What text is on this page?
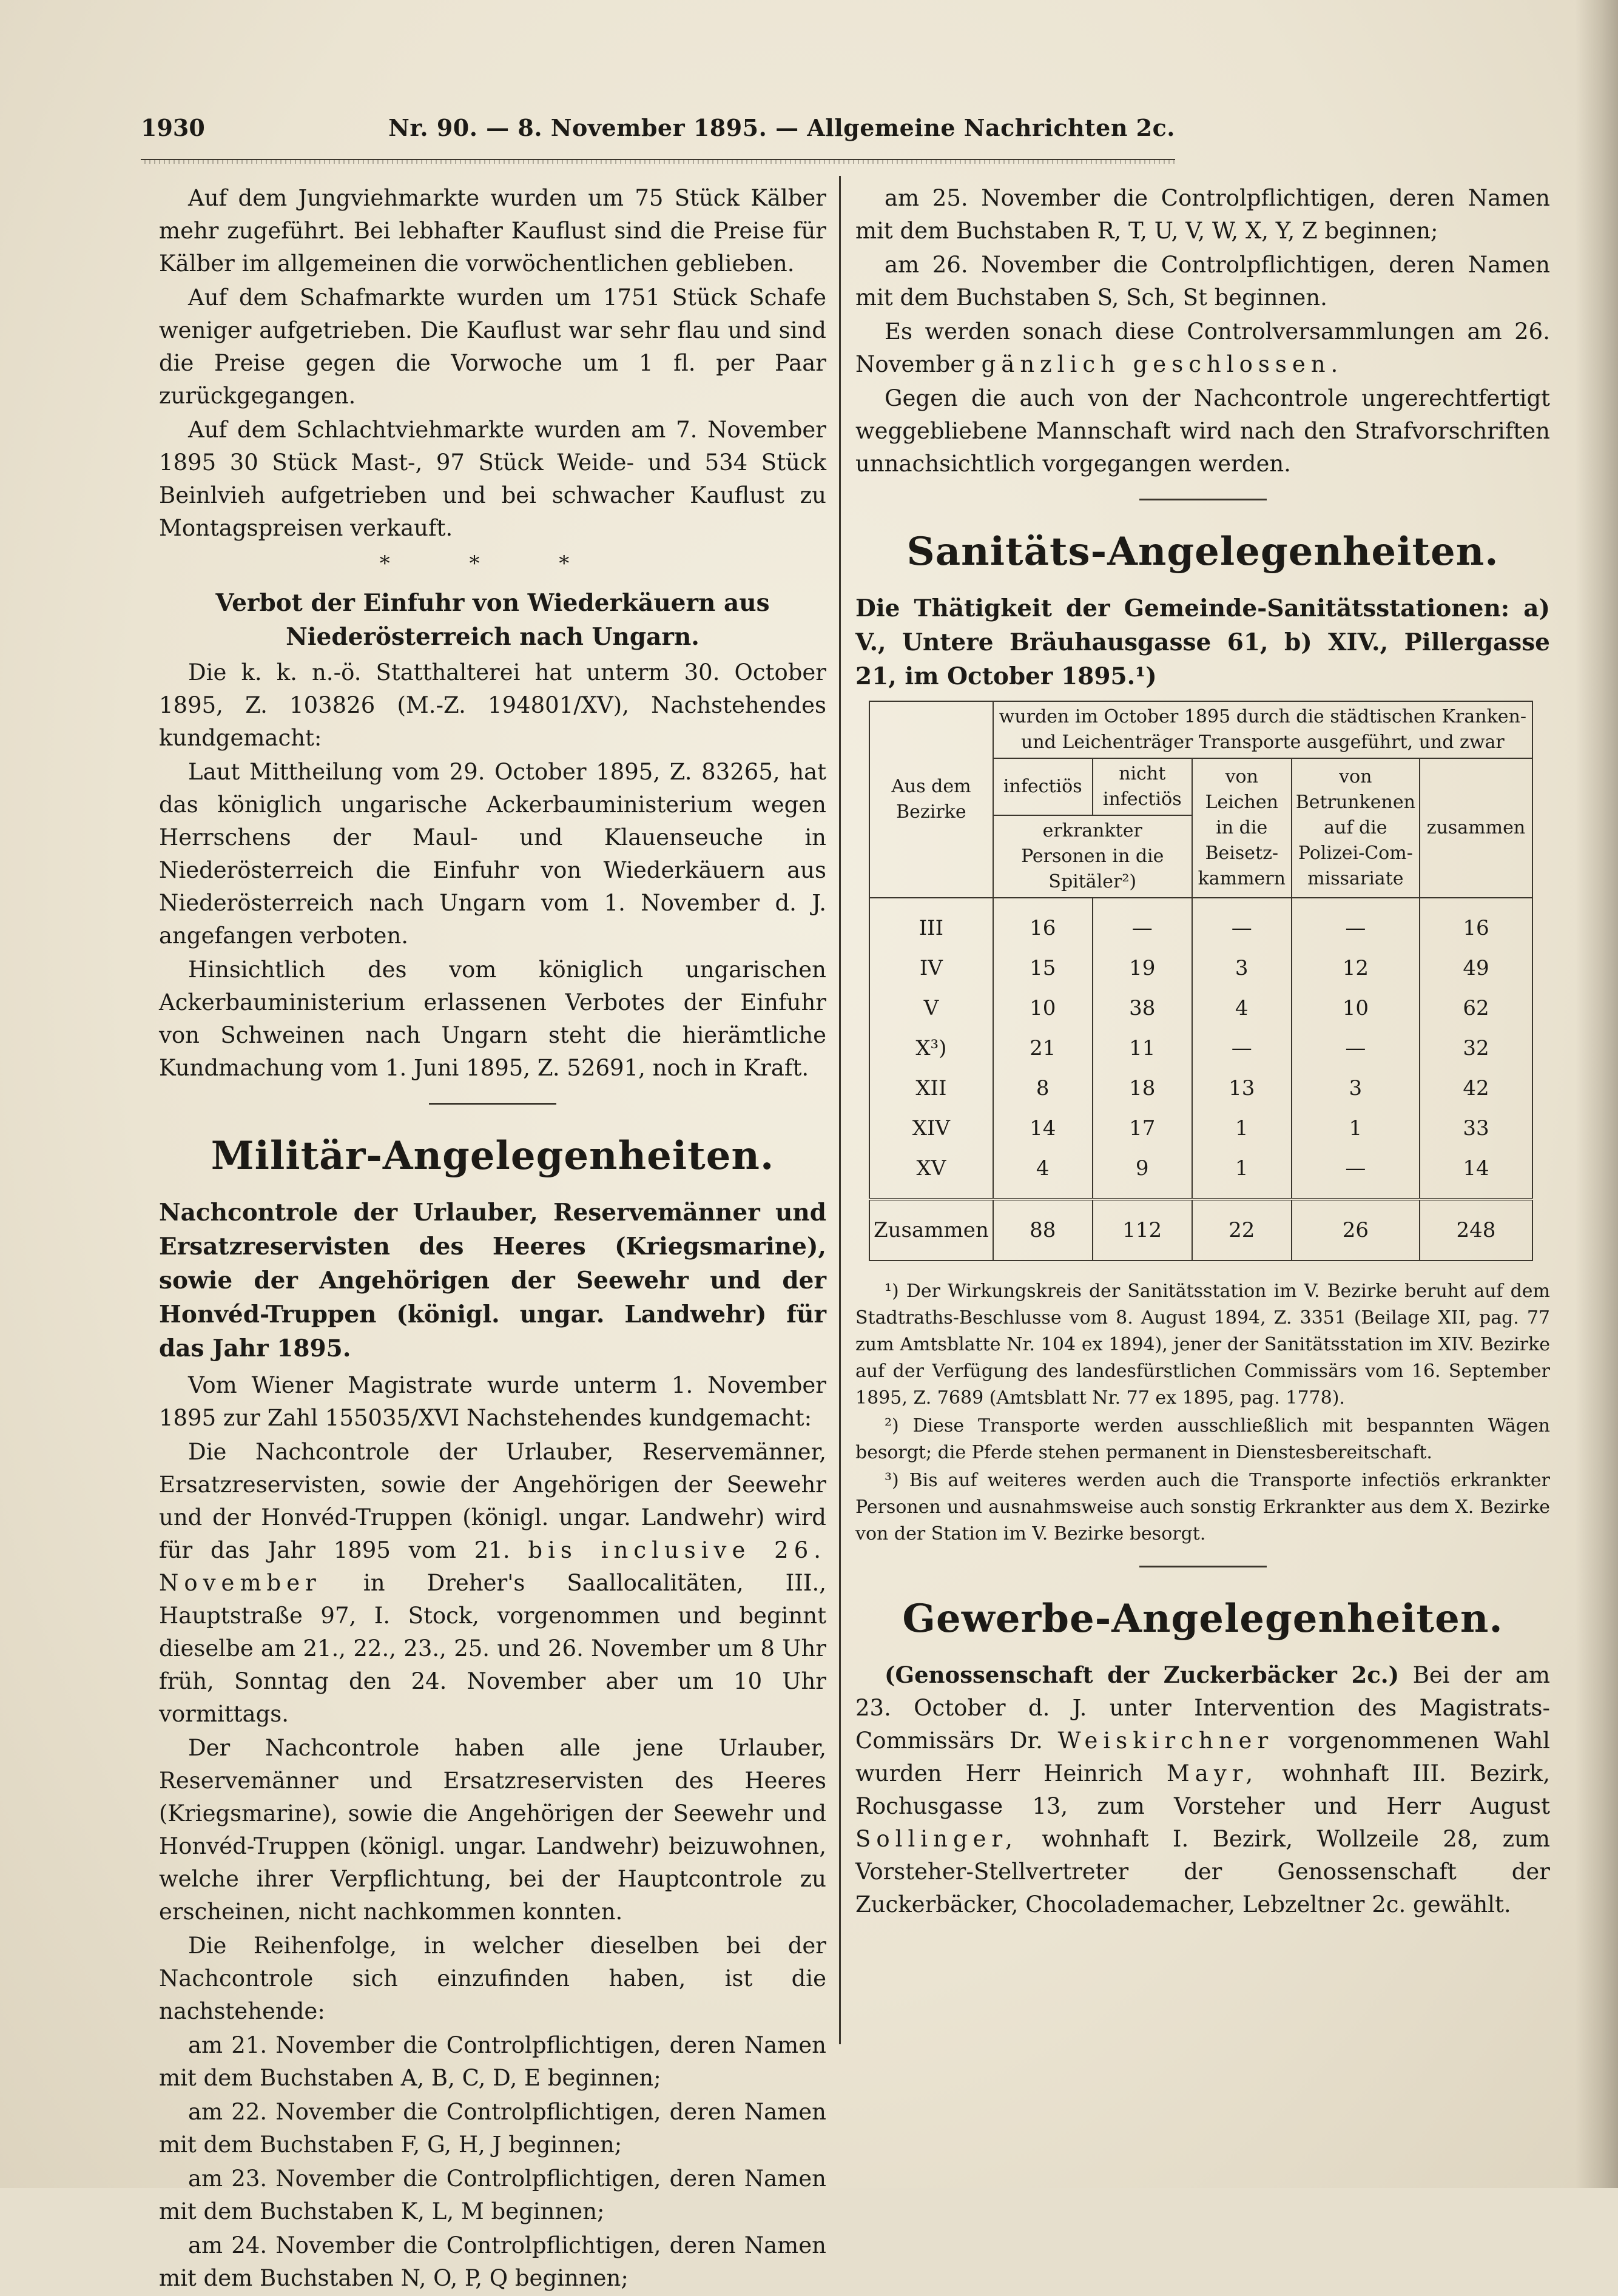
1930	Nr. 90. — 8. November 1895. — Allgemeine Nachrichten 2c.

Auf dem Jungviehmarkte wurden um 75 Stück Kälber mehr zugeführt. Bei lebhafter Kauflust sind die Preise für Kälber im allgemeinen die vorwöchentlichen geblieben.

Auf dem Schafmarkte wurden um 1751 Stück Schafe weniger aufgetrieben. Die Kauflust war sehr flau und sind die Preise gegen die Vorwoche um 1 fl. per Paar zurückgegangen.

Auf dem Schlachtviehmarkte wurden am 7. November 1895 30 Stück Mast-, 97 Stück Weide- und 534 Stück Beinlvieh aufgetrieben und bei schwacher Kauflust zu Montagspreisen verkauft.

* * *
Verbot der Einfuhr von Wiederkäuern aus Niederösterreich nach Ungarn.

Die k. k. n.-ö. Statthalterei hat unterm 30. October 1895, Z. 103826 (M.-Z. 194801/XV), Nachstehendes kundgemacht:

Laut Mittheilung vom 29. October 1895, Z. 83265, hat das königlich ungarische Ackerbauministerium wegen Herrschens der Maul- und Klauenseuche in Niederösterreich die Einfuhr von Wiederkäuern aus Niederösterreich nach Ungarn vom 1. November d. J. angefangen verboten.

Hinsichtlich des vom königlich ungarischen Ackerbauministerium erlassenen Verbotes der Einfuhr von Schweinen nach Ungarn steht die hierämtliche Kundmachung vom 1. Juni 1895, Z. 52691, noch in Kraft.

Militär-Angelegenheiten.
Nachcontrole der Urlauber, Reservemänner und Ersatzreservisten des Heeres (Kriegsmarine), sowie der Angehörigen der Seewehr und der Honvéd-Truppen (königl. ungar. Landwehr) für das Jahr 1895.

Vom Wiener Magistrate wurde unterm 1. November 1895 zur Zahl 155035/XVI Nachstehendes kundgemacht:

Die Nachcontrole der Urlauber, Reservemänner, Ersatzreservisten, sowie der Angehörigen der Seewehr und der Honvéd-Truppen (königl. ungar. Landwehr) wird für das Jahr 1895 vom 21. bis inclusive 26. November in Dreher's Saallocalitäten, III., Hauptstraße 97, I. Stock, vorgenommen und beginnt dieselbe am 21., 22., 23., 25. und 26. November um 8 Uhr früh, Sonntag den 24. November aber um 10 Uhr vormittags.

Der Nachcontrole haben alle jene Urlauber, Reservemänner und Ersatzreservisten des Heeres (Kriegsmarine), sowie die Angehörigen der Seewehr und Honvéd-Truppen (königl. ungar. Landwehr) beizuwohnen, welche ihrer Verpflichtung, bei der Hauptcontrole zu erscheinen, nicht nachkommen konnten.

Die Reihenfolge, in welcher dieselben bei der Nachcontrole sich einzufinden haben, ist die nachstehende:

am 21. November die Controlpflichtigen, deren Namen mit dem Buchstaben A, B, C, D, E beginnen;

am 22. November die Controlpflichtigen, deren Namen mit dem Buchstaben F, G, H, J beginnen;

am 23. November die Controlpflichtigen, deren Namen mit dem Buchstaben K, L, M beginnen;

am 24. November die Controlpflichtigen, deren Namen mit dem Buchstaben N, O, P, Q beginnen;

am 25. November die Controlpflichtigen, deren Namen mit dem Buchstaben R, T, U, V, W, X, Y, Z beginnen;

am 26. November die Controlpflichtigen, deren Namen mit dem Buchstaben S, Sch, St beginnen.

Es werden sonach diese Controlversammlungen am 26. November gänzlich geschlossen.

Gegen die auch von der Nachcontrole ungerechtfertigt weggebliebene Mannschaft wird nach den Strafvorschriften unnachsichtlich vorgegangen werden.

Sanitäts-Angelegenheiten.
Die Thätigkeit der Gemeinde-Sanitätsstationen: a) V., Untere Bräuhausgasse 61, b) XIV., Pillergasse 21, im October 1895.¹)
Aus dem Bezirke	wurden im October 1895 durch die städtischen Kranken- und Leichenträger Transporte ausgeführt, und zwar				
	infectiös	nicht infectiös	von Leichen in die Beisetz-kammern	von Betrunkenen auf die Polizei-Com-missariate	zusammen
	erkrankter Personen in die Spitäler²)				
III	16	—	—	—	16
IV	15	19	3	12	49
V	10	38	4	10	62
X³)	21	11	—	—	32
XII	8	18	13	3	42
XIV	14	17	1	1	33
XV	4	9	1	—	14
Zusammen	88	112	22	26	248

¹) Der Wirkungskreis der Sanitätsstation im V. Bezirke beruht auf dem Stadtraths-Beschlusse vom 8. August 1894, Z. 3351 (Beilage XII, pag. 77 zum Amtsblatte Nr. 104 ex 1894), jener der Sanitätsstation im XIV. Bezirke auf der Verfügung des landesfürstlichen Commissärs vom 16. September 1895, Z. 7689 (Amtsblatt Nr. 77 ex 1895, pag. 1778).

²) Diese Transporte werden ausschließlich mit bespannten Wägen besorgt; die Pferde stehen permanent in Dienstesbereitschaft.

³) Bis auf weiteres werden auch die Transporte infectiös erkrankter Personen und ausnahmsweise auch sonstig Erkrankter aus dem X. Bezirke von der Station im V. Bezirke besorgt.

Gewerbe-Angelegenheiten.

(Genossenschaft der Zuckerbäcker 2c.) Bei der am 23. October d. J. unter Intervention des Magistrats-Commissärs Dr. Weiskirchner vorgenommenen Wahl wurden Herr Heinrich Mayr, wohnhaft III. Bezirk, Rochusgasse 13, zum Vorsteher und Herr August Sollinger, wohnhaft I. Bezirk, Wollzeile 28, zum Vorsteher-Stellvertreter der Genossenschaft der Zuckerbäcker, Chocolademacher, Lebzeltner 2c. gewählt.
